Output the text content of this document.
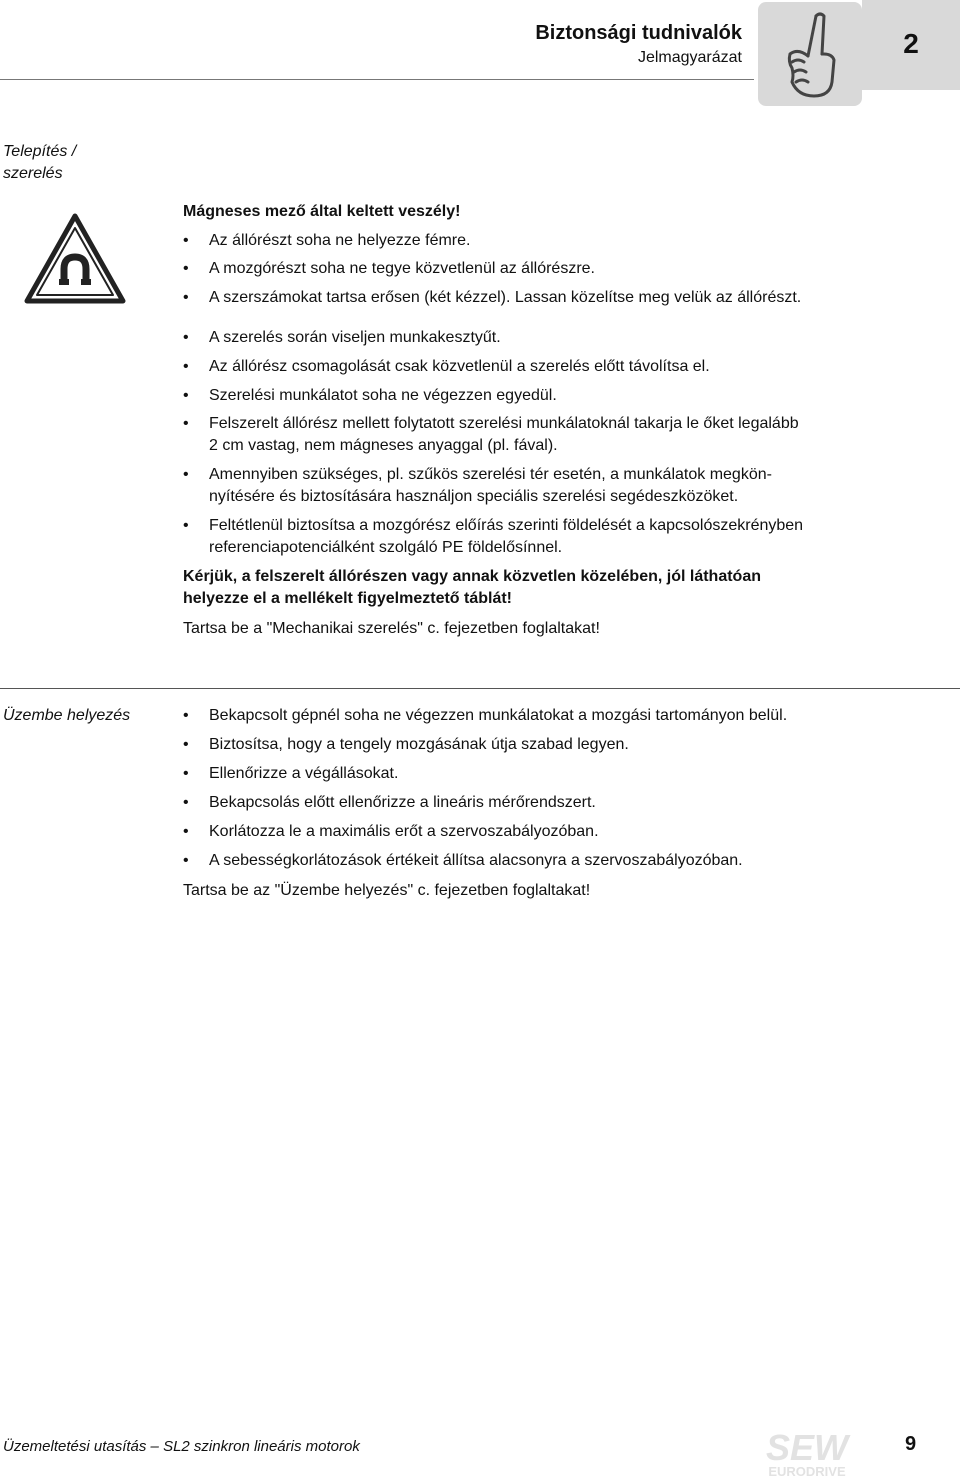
Biztonsági tudnivalók
Jelmagyarázat	2
Telepítés /
szerelés
Mágneses mező által keltett veszély!
• Az állórészt soha ne helyezze fémre.
• A mozgórészt soha ne tegye közvetlenül az állórészre.
• A szerszámokat tartsa erősen (két kézzel). Lassan közelítse meg velük az állórészt.
• A szerelés során viseljen munkakesztyűt.
• Az állórész csomagolását csak közvetlenül a szerelés előtt távolítsa el.
• Szerelési munkálatot soha ne végezzen egyedül.
• Felszerelt állórész mellett folytatott szerelési munkálatoknál takarja le őket legalább
2 cm vastag, nem mágneses anyaggal (pl. fával).
• Amennyiben szükséges, pl. szűkös szerelési tér esetén, a munkálatok megkön-
nyítésére és biztosítására használjon speciális szerelési segédeszközöket.
• Feltétlenül biztosítsa a mozgórész előírás szerinti földelését a kapcsolószekrényben
referenciapotenciálként szolgáló PE földelősínnel.
Kérjük, a felszerelt állórészen vagy annak közvetlen közelében, jól láthatóan
helyezze el a mellékelt figyelmeztető táblát!
Tartsa be a "Mechanikai szerelés" c. fejezetben foglaltakat!
Üzembe helyezés	• Bekapcsolt gépnél soha ne végezzen munkálatokat a mozgási tartományon belül.
• Biztosítsa, hogy a tengely mozgásának útja szabad legyen.
• Ellenőrizze a végállásokat.
• Bekapcsolás előtt ellenőrizze a lineáris mérőrendszert.
• Korlátozza le a maximális erőt a szervoszabályozóban.
• A sebességkorlátozások értékeit állítsa alacsonyra a szervoszabályozóban.
Tartsa be az "Üzembe helyezés" c. fejezetben foglaltakat!
Üzemeltetési utasítás – SL2 szinkron lineáris motorok	SEW
EURODRIVE
9
